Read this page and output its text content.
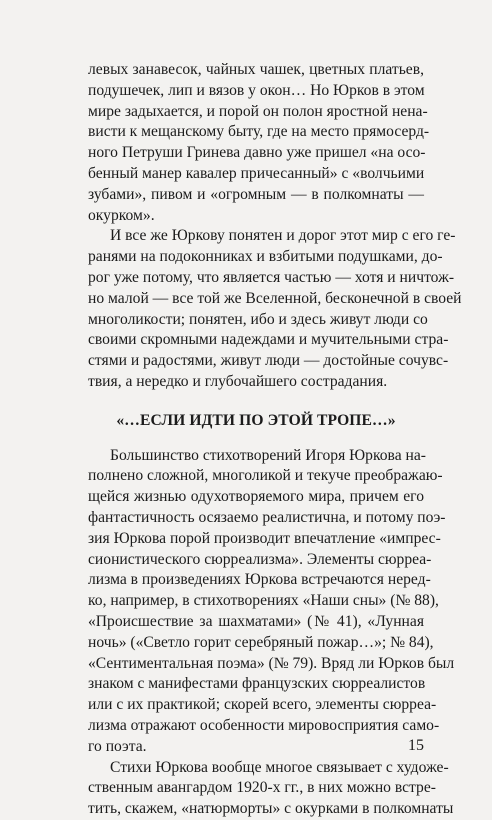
левых занавесок, чайных чашек, цветных платьев,
подушечек, лип и вязов у окон… Но Юрков в этом
мире задыхается, и порой он полон яростной нена-
висти к мещанскому быту, где на место прямосерд-
ного Петруши Гринева давно уже пришел «на осо-
бенный манер кавалер причесанный» с «волчьими
зубами», пивом и «огромным — в полкомнаты —
окурком».
И все же Юркову понятен и дорог этот мир с его ге-
ранями на подоконниках и взбитыми подушками, до-
рог уже потому, что является частью — хотя и ничтож-
но малой — все той же Вселенной, бесконечной в своей
многоликости; понятен, ибо и здесь живут люди со
своими скромными надеждами и мучительными стра-
стями и радостями, живут люди — достойные сочувс-
твия, а нередко и глубочайшего сострадания.
«…ЕСЛИ ИДТИ ПО ЭТОЙ ТРОПЕ…»
Большинство стихотворений Игоря Юркова на-
полнено сложной, многоликой и текуче преображаю-
щейся жизнью одухотворяемого мира, причем его
фантастичность осязаемо реалистична, и потому поэ-
зия Юркова порой производит впечатление «импрес-
сионистического сюрреализма». Элементы сюрреа-
лизма в произведениях Юркова встречаются неред-
ко, например, в стихотворениях «Наши сны» (№ 88),
«Происшествие за шахматами» (№ 41), «Лунная
ночь» («Светло горит серебряный пожар…»; № 84),
«Сентиментальная поэма» (№ 79). Вряд ли Юрков был
знаком с манифестами французских сюрреалистов
или с их практикой; скорей всего, элементы сюрреа-
лизма отражают особенности мировосприятия само-
го поэта.
Стихи Юркова вообще многое связывает с художе-
ственным авангардом 1920-х гг., в них можно встре-
тить, скажем, «натюрморты» с окурками в полкомнаты
15
